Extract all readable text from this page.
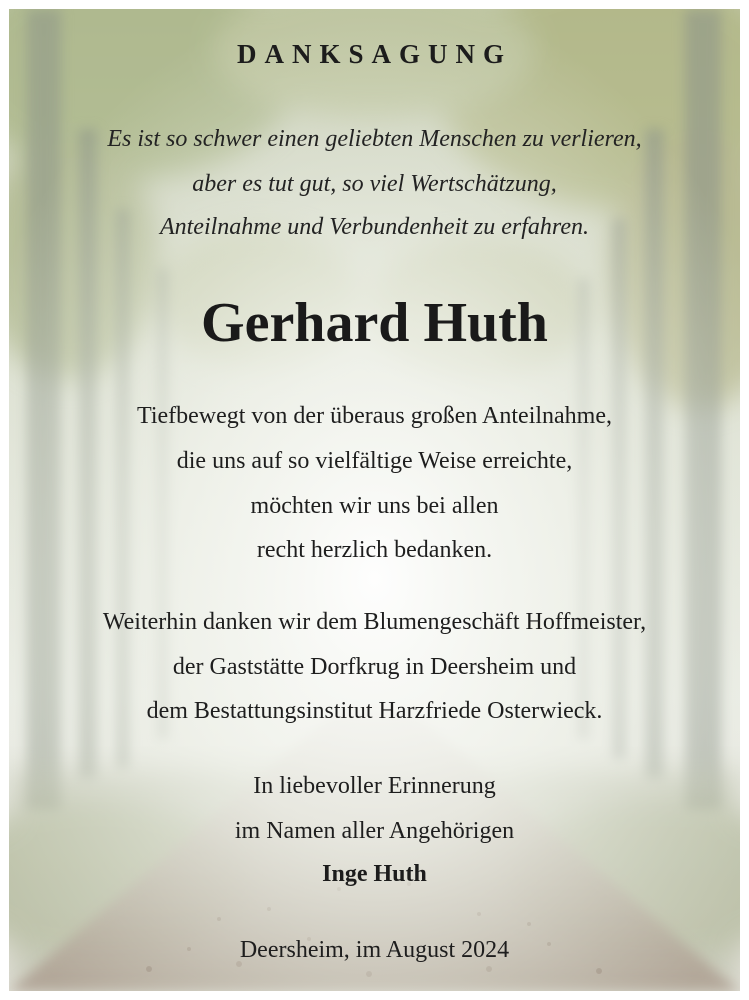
DANKSAGUNG
Es ist so schwer einen geliebten Menschen zu verlieren,
aber es tut gut, so viel Wertschätzung,
Anteilnahme und Verbundenheit zu erfahren.
Gerhard Huth
Tiefbewegt von der überaus großen Anteilnahme,
die uns auf so vielfältige Weise erreichte,
möchten wir uns bei allen
recht herzlich bedanken.
Weiterhin danken wir dem Blumengeschäft Hoffmeister,
der Gaststätte Dorfkrug in Deersheim und
dem Bestattungsinstitut Harzfriede Osterwieck.
In liebevoller Erinnerung
im Namen aller Angehörigen
Inge Huth
Deersheim, im August 2024
